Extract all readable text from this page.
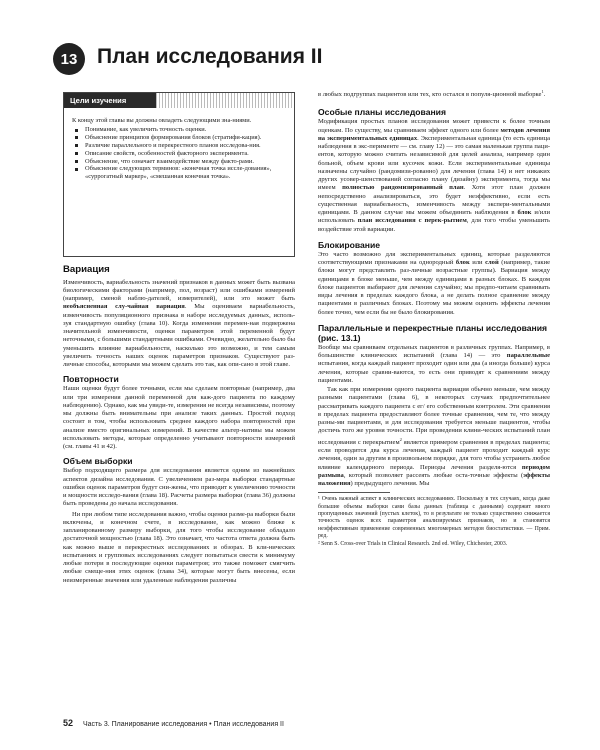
13 План исследования II
Цели изучения

К концу этой главы вы должны овладеть следующими зна-ниями.

Понимание, как увеличить точность оценки.
Объяснение принципов формирования блоков (стратифи-кация).
Различие параллельного и перекрестного планов исследова-ния.
Описание свойств, особенностей факторного эксперимента.
Объяснение, что означает взаимодействие между факто-рами.
Объяснение следующих терминов: «конечная точка иссле-дования», «суррогатный маркер», «смешанная конечная точка».
Вариация

Изменчивость, вариабельность значений признаков в данных может быть вызвана биологическими факторами (например, пол, возраст) или ошибками измерений (например, сменой наблю-дателей, измерителей), или это может быть необъясненная слу-чайная вариация. Мы оцениваем вариабельность, изменчивость популяционного признака в наборе исследуемых данных, исполь-зуя стандартную ошибку (глава 10). Когда изменения перемен-ная подвержена значительной изменчивости, оценки параметров этой переменной будут неточными, с большими стандартными ошибками. Очевидно, желательно было бы уменьшить влияние вариабельности, насколько это возможно, и тем самым увеличить точность наших оценок параметров признаков. Существуют раз-личные способы, которыми мы можем сделать это так, как опи-сано в этой главе.

Повторности

Наши оценки будут более точными, если мы сделаем повторные (например, два или три измерения данной переменной для каж-дого пациента по каждому наблюдению). Однако, как мы увиди-те, измерения не всегда независимы, поэтому мы должны быть внимательны при анализе таких данных. Простой подход состоит в том, чтобы использовать среднее каждого набора повторностей при анализе вместо оригинальных измерений. В качестве альтер-нативы мы можем использовать методы, которые определенно учитывают повторности измерений (см. главы 41 и 42).

Объем выборки

Выбор подходящего размера для исследования является одним из важнейших аспектов дизайна исследования. С увеличением раз-мера выборки стандартные ошибки оценок параметров будут сни-жены, что приводит к увеличению точности и мощности исследо-вания (глава 18). Расчеты размера выборки (глава 36) должны быть проведены до начала исследования.

Ни при любом типе исследования важно, чтобы оценки разме-ра выборки были включены, и конечном счете, в исследование, как можно ближе к запланированному размеру выборки, для того чтобы исследование обладало достаточной мощностью (глава 18). Это означает, что частота ответа должна быть как можно выше в перекрестных исследованиях и обзорах. В кли-нических испытаниях и групповых исследованиях следует попытаться свести к минимуму любые потери в последующие оценки параметров; это также поможет смягчить любые смеще-ния этих оценок (глава 34), которые могут быть внесены, если неизмеренные значения или удаленные наблюдения различны

в любых подгруппах пациентов или тех, кто остался в популя-ционной выборке$^1$.

Особые планы исследования

Модификация простых планов исследования может привести к более точным оценкам. По существу, мы сравниваем эффект одного или более методов лечения на экспериментальных единицах. Экспериментальная единица (то есть единица наблюдения в экс-перименте — см. главу 12) — это самая маленькая группа паци-ентов, которую можно считать независимой для целей анализа, например один больной, объем крови или кусочек кожи. Если экспериментальные единицы назначены случайно (рандомизи-рованно) для лечения (глава 14) и нет никаких других усовер-шенствований согласно плану (дизайну) эксперимента, тогда мы имеем полностью рандомизированный план. Хотя этот план должен непосредственно анализироваться, это будет неэффективно, если есть существенная вариабельность, изменчивость между экспери-ментальными единицами. В данном случае мы можем объединить наблюдения в блок и/или использовать план исследования с перек-рытием, для того чтобы уменьшить воздействие этой вариации.

Блокирование

Это часто возможно для экспериментальных единиц, которые разделяются соответствующими признаками на однородный блок или слой (например, такие блоки могут представлять раз-личные возрастные группы). Вариация между единицами в блоке меньше, чем между единицами в разных блоках. В каждом блоке пациентов выбирают для лечения случайно; мы предпо-читаем сравнивать виды лечения в пределах каждого блока, а не делать полное сравнение между пациентами в различных блоках. Поэтому мы можем оценить эффекты лечения более точно, чем если бы не было блокирования.

Параллельные и перекрестные планы исследования (рис. 13.1)

Вообще мы сравниваем отдельных пациентов в различных группах. Например, в большинстве клинических испытаний (глава 14) — это параллельные испытания, когда каждый пациент проходит один или два (а иногда больше) курса лечения, которые сравни-ваются, то есть они приводят к сравнениям между пациентами.

Так как при измерении одного пациента вариация обычно меньше, чем между разными пациентами (глава 6), в некоторых случаях предпочтительнее рассматривать каждого пациента с ег/ его собственным контролем. Эти сравнения в пределах пациента предоставляют более точные сравнения, чем те, что между разны-ми пациентами, и для исследования требуется меньше пациентов, чтобы достичь того же уровня точности. При проведении клини-ческих испытаний план исследования с перекрытием$^2$ является примером сравнения в пределах пациента; если проводится два курса лечения, каждый пациент проходит каждый курс лечения, один за другим в произвольном порядке, для того чтобы устранить любое влияние календарного периода. Периоды лечения разделя-ются периодом размыва, который позволяет рассеять любые оста-точные эффекты (эффекты наложения) предыдущего лечения. Мы

¹ Очень важный аспект в клинических исследованиях. Поскольку в тех случаях, когда даже большие объемы выборки сами базы данных (таблица с данными) содержит много пропущенных значений (пустых клеток), то в результате не только существенно снижается точность оценок всех параметров анализируемых признаков, но и становятся неэффективным применение современных многомерных методов биостатистики. — Прим. ред.

² Senn S. Cross-over Trials in Clinical Research. 2nd ed. Wiley, Chichester, 2003.

52 Часть 3. Планирование исследования • План исследования II
